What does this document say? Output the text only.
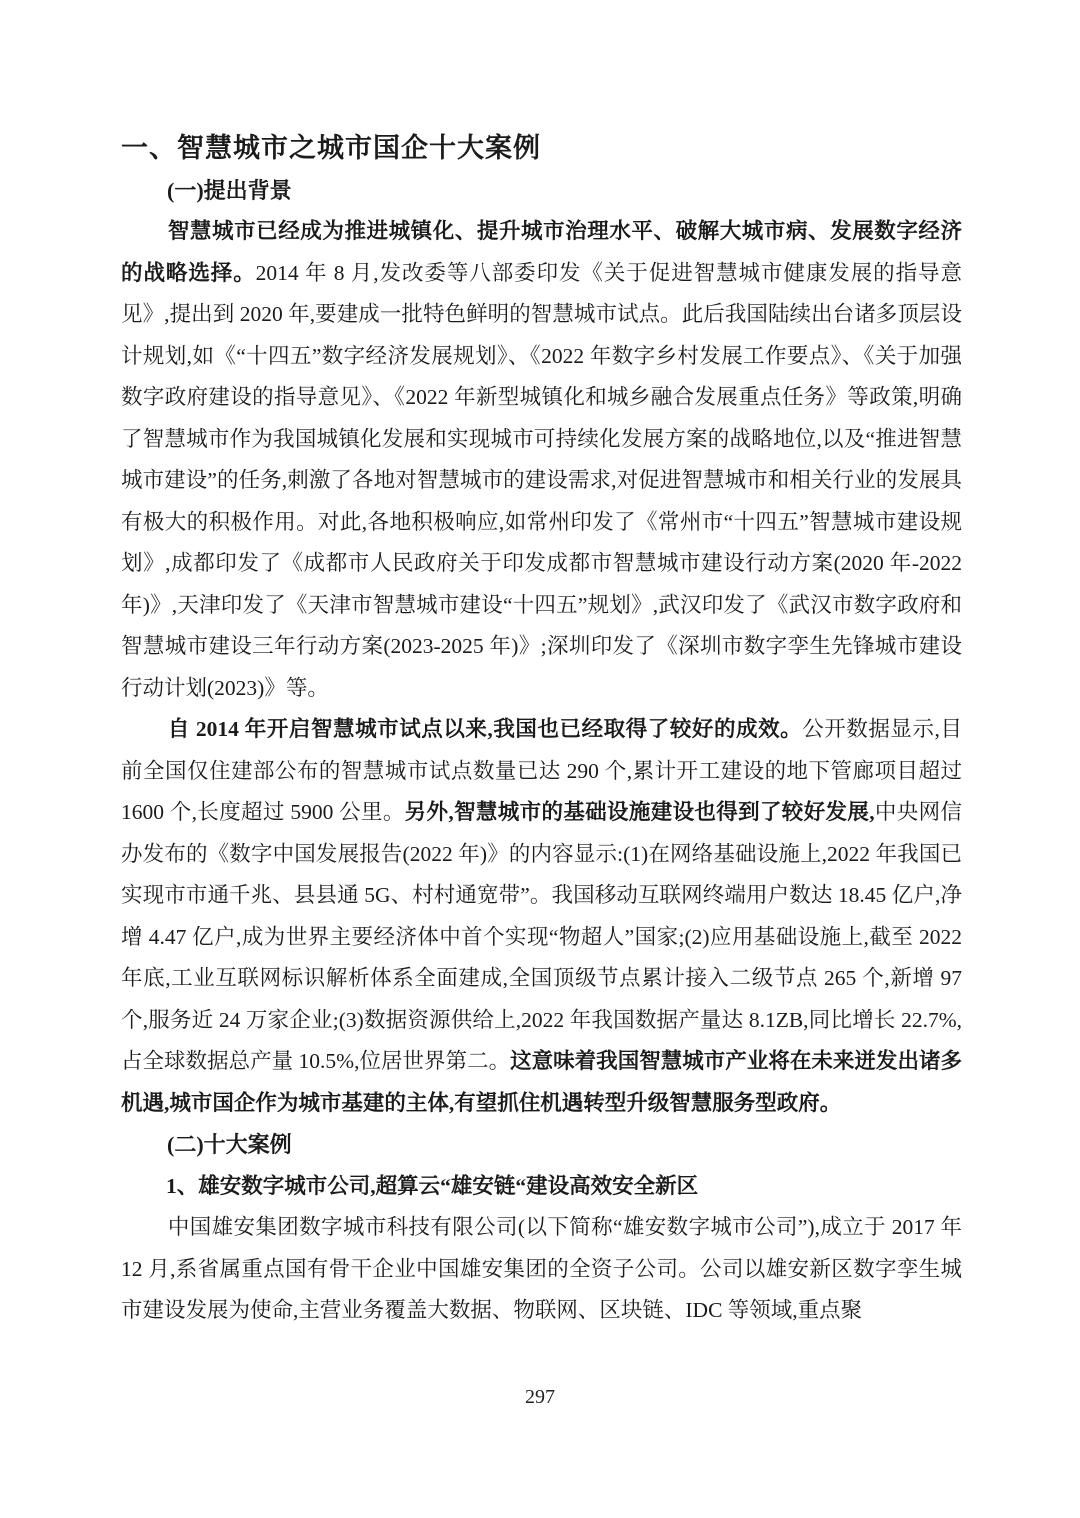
一、智慧城市之城市国企十大案例
(一)提出背景

智慧城市已经成为推进城镇化、提升城市治理水平、破解大城市病、发展数字经济的战略选择。2014 年 8 月,发改委等八部委印发《关于促进智慧城市健康发展的指导意见》,提出到 2020 年,要建成一批特色鲜明的智慧城市试点。此后我国陆续出台诸多顶层设计规划,如《“十四五”数字经济发展规划》、《2022 年数字乡村发展工作要点》、《关于加强数字政府建设的指导意见》、《2022 年新型城镇化和城乡融合发展重点任务》等政策,明确了智慧城市作为我国城镇化发展和实现城市可持续化发展方案的战略地位,以及“推进智慧城市建设”的任务,刺激了各地对智慧城市的建设需求,对促进智慧城市和相关行业的发展具有极大的积极作用。对此,各地积极响应,如常州印发了《常州市“十四五”智慧城市建设规划》,成都印发了《成都市人民政府关于印发成都市智慧城市建设行动方案(2020 年-2022 年)》,天津印发了《天津市智慧城市建设“十四五”规划》,武汉印发了《武汉市数字政府和智慧城市建设三年行动方案(2023-2025 年)》;深圳印发了《深圳市数字孪生先锋城市建设行动计划(2023)》等。

自 2014 年开启智慧城市试点以来,我国也已经取得了较好的成效。公开数据显示,目前全国仅住建部公布的智慧城市试点数量已达 290 个,累计开工建设的地下管廊项目超过 1600 个,长度超过 5900 公里。另外,智慧城市的基础设施建设也得到了较好发展,中央网信办发布的《数字中国发展报告(2022 年)》的内容显示:(1)在网络基础设施上,2022 年我国已实现市市通千兆、县县通 5G、村村通宽带”。我国移动互联网终端用户数达 18.45 亿户,净增 4.47 亿户,成为世界主要经济体中首个实现“物超人”国家;(2)应用基础设施上,截至 2022 年底,工业互联网标识解析体系全面建成,全国顶级节点累计接入二级节点 265 个,新增 97 个,服务近 24 万家企业;(3)数据资源供给上,2022 年我国数据产量达 8.1ZB,同比增长 22.7%,占全球数据总产量 10.5%,位居世界第二。这意味着我国智慧城市产业将在未来迸发出诸多机遇,城市国企作为城市基建的主体,有望抓住机遇转型升级智慧服务型政府。

(二)十大案例
1、雄安数字城市公司,超算云“雄安链“建设高效安全新区

中国雄安集团数字城市科技有限公司(以下简称“雄安数字城市公司”),成立于 2017 年 12 月,系省属重点国有骨干企业中国雄安集团的全资子公司。公司以雄安新区数字孪生城市建设发展为使命,主营业务覆盖大数据、物联网、区块链、IDC 等领域,重点聚

297
